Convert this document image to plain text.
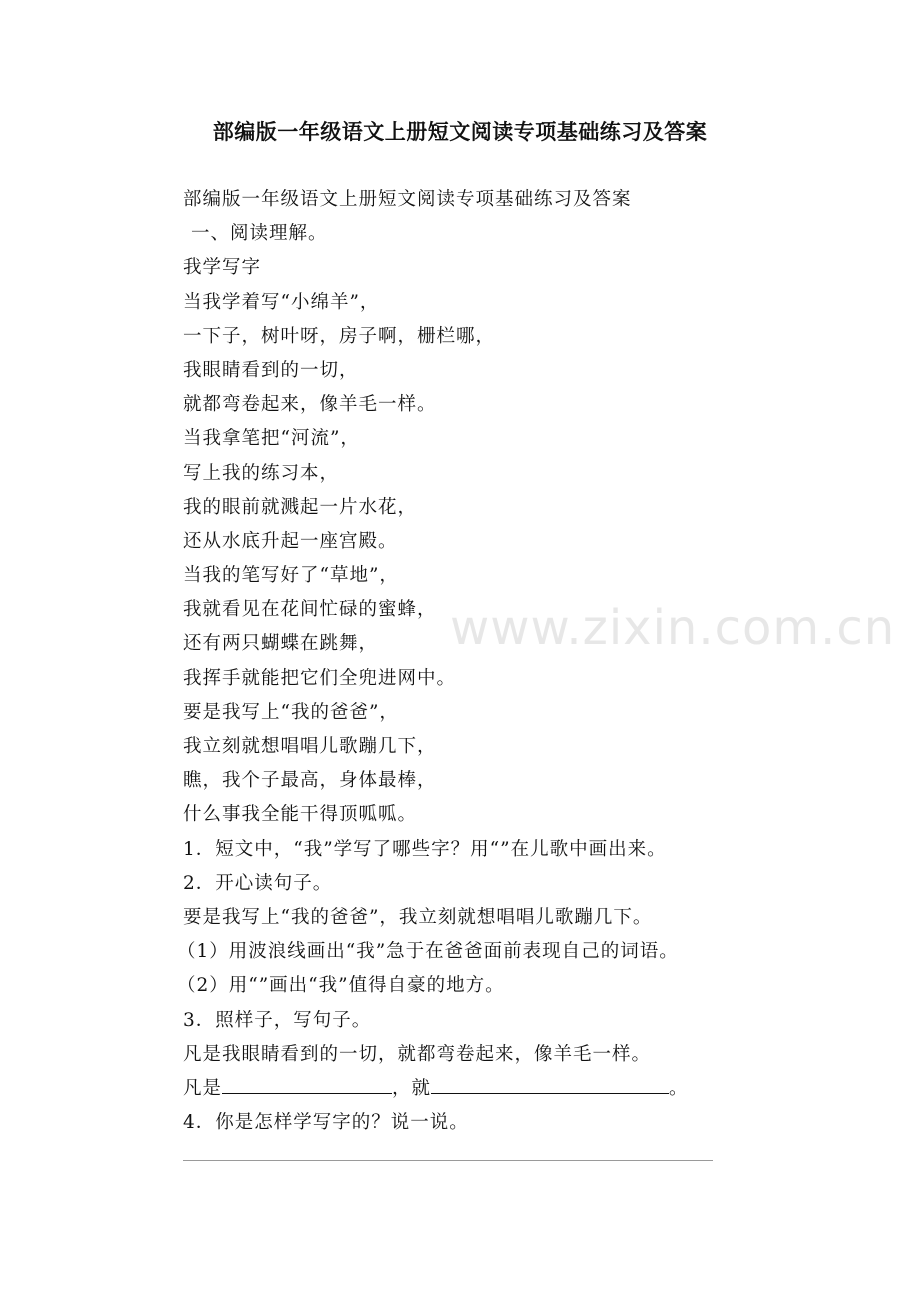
部编版一年级语文上册短文阅读专项基础练习及答案
部编版一年级语文上册短文阅读专项基础练习及答案
一、阅读理解。
我学写字
当我学着写“小绵羊”，
一下子，树叶呀，房子啊，栅栏哪，
我眼睛看到的一切，
就都弯卷起来，像羊毛一样。
当我拿笔把“河流”，
写上我的练习本，
我的眼前就溅起一片水花，
还从水底升起一座宫殿。
当我的笔写好了“草地”，
我就看见在花间忙碌的蜜蜂，
还有两只蝴蝶在跳舞，
我挥手就能把它们全兜进网中。
要是我写上“我的爸爸”，
我立刻就想唱唱儿歌蹦几下，
瞧，我个子最高，身体最棒，
什么事我全能干得顶呱呱。
1．短文中，“我”学写了哪些字？用“”在儿歌中画出来。
2．开心读句子。
要是我写上“我的爸爸”，我立刻就想唱唱儿歌蹦几下。
（1）用波浪线画出“我”急于在爸爸面前表现自己的词语。
（2）用“”画出“我”值得自豪的地方。
3．照样子，写句子。
凡是我眼睛看到的一切，就都弯卷起来，像羊毛一样。
凡是	，就	。
4．你是怎样学写字的？说一说。
www.zixin.com.cn
